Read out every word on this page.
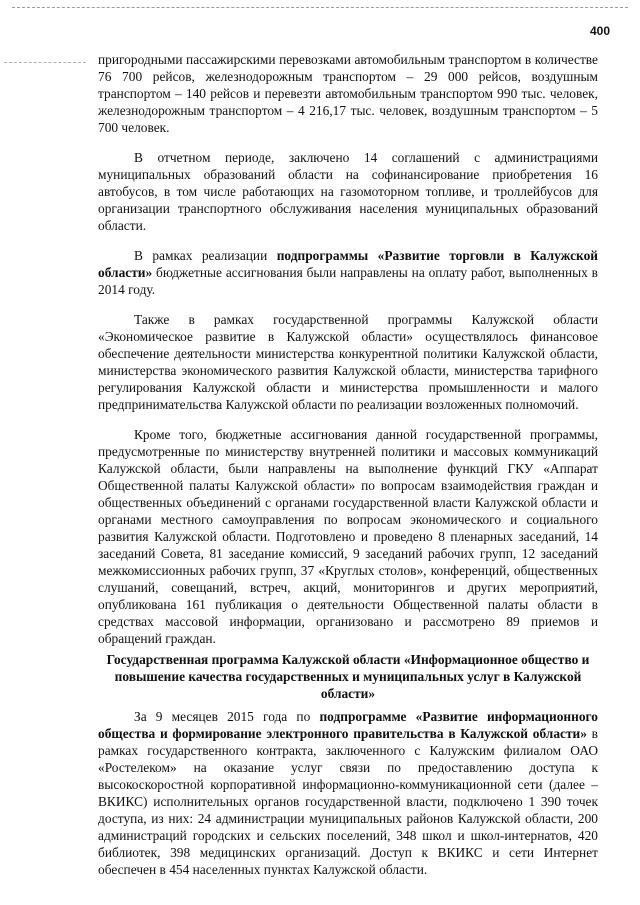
400

пригородными пассажирскими перевозками автомобильным транспортом в количестве 76 700 рейсов, железнодорожным транспортом – 29 000 рейсов, воздушным транспортом – 140 рейсов и перевезти автомобильным транспортом 990 тыс. человек, железнодорожным транспортом – 4 216,17 тыс. человек, воздушным транспортом – 5 700 человек.

В отчетном периоде, заключено 14 соглашений с администрациями муниципальных образований области на софинансирование приобретения 16 автобусов, в том числе работающих на газомоторном топливе, и троллейбусов для организации транспортного обслуживания населения муниципальных образований области.

В рамках реализации подпрограммы «Развитие торговли в Калужской области» бюджетные ассигнования были направлены на оплату работ, выполненных в 2014 году.

Также в рамках государственной программы Калужской области «Экономическое развитие в Калужской области» осуществлялось финансовое обеспечение деятельности министерства конкурентной политики Калужской области, министерства экономического развития Калужской области, министерства тарифного регулирования Калужской области и министерства промышленности и малого предпринимательства Калужской области по реализации возложенных полномочий.

Кроме того, бюджетные ассигнования данной государственной программы, предусмотренные по министерству внутренней политики и массовых коммуникаций Калужской области, были направлены на выполнение функций ГКУ «Аппарат Общественной палаты Калужской области» по вопросам взаимодействия граждан и общественных объединений с органами государственной власти Калужской области и органами местного самоуправления по вопросам экономического и социального развития Калужской области. Подготовлено и проведено 8 пленарных заседаний, 14 заседаний Совета, 81 заседание комиссий, 9 заседаний рабочих групп, 12 заседаний межкомиссионных рабочих групп, 37 «Круглых столов», конференций, общественных слушаний, совещаний, встреч, акций, мониторингов и других мероприятий, опубликована 161 публикация о деятельности Общественной палаты области в средствах массовой информации, организовано и рассмотрено 89 приемов и обращений граждан.

Государственная программа Калужской области «Информационное общество и повышение качества государственных и муниципальных услуг в Калужской области»

За 9 месяцев 2015 года по подпрограмме «Развитие информационного общества и формирование электронного правительства в Калужской области» в рамках государственного контракта, заключенного с Калужским филиалом ОАО «Ростелеком» на оказание услуг связи по предоставлению доступа к высокоскоростной корпоративной информационно-коммуникационной сети (далее – ВКИКС) исполнительных органов государственной власти, подключено 1 390 точек доступа, из них: 24 администрации муниципальных районов Калужской области, 200 администраций городских и сельских поселений, 348 школ и школ-интернатов, 420 библиотек, 398 медицинских организаций. Доступ к ВКИКС и сети Интернет обеспечен в 454 населенных пунктах Калужской области.
